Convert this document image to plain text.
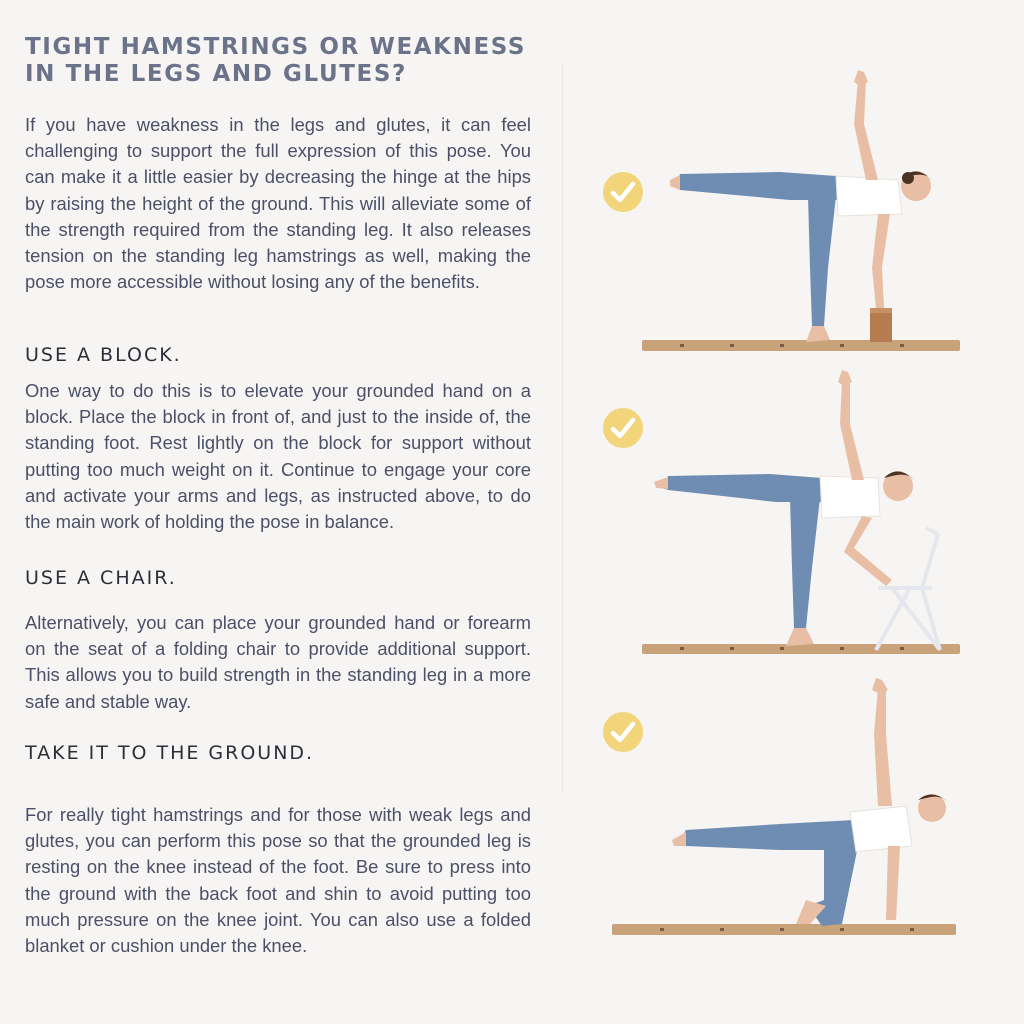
TIGHT HAMSTRINGS OR WEAKNESS
IN THE LEGS AND GLUTES?

If you have weakness in the legs and glutes, it can feel challenging to support the full expression of this pose. You can make it a little easier by decreasing the hinge at the hips by raising the height of the ground. This will alleviate some of the strength required from the standing leg. It also releases tension on the standing leg hamstrings as well, making the pose more accessible without losing any of the benefits.

USE A BLOCK.

One way to do this is to elevate your grounded hand on a block. Place the block in front of, and just to the inside of, the standing foot. Rest lightly on the block for support without putting too much weight on it. Continue to engage your core and activate your arms and legs, as instructed above, to do the main work of holding the pose in balance.

USE A CHAIR.

Alternatively, you can place your grounded hand or forearm on the seat of a folding chair to provide additional support. This allows you to build strength in the standing leg in a more safe and stable way.

TAKE IT TO THE GROUND.

For really tight hamstrings and for those with weak legs and glutes, you can perform this pose so that the grounded leg is resting on the knee instead of the foot. Be sure to press into the ground with the back foot and shin to avoid putting too much pressure on the knee joint. You can also use a folded blanket or cushion under the knee.
